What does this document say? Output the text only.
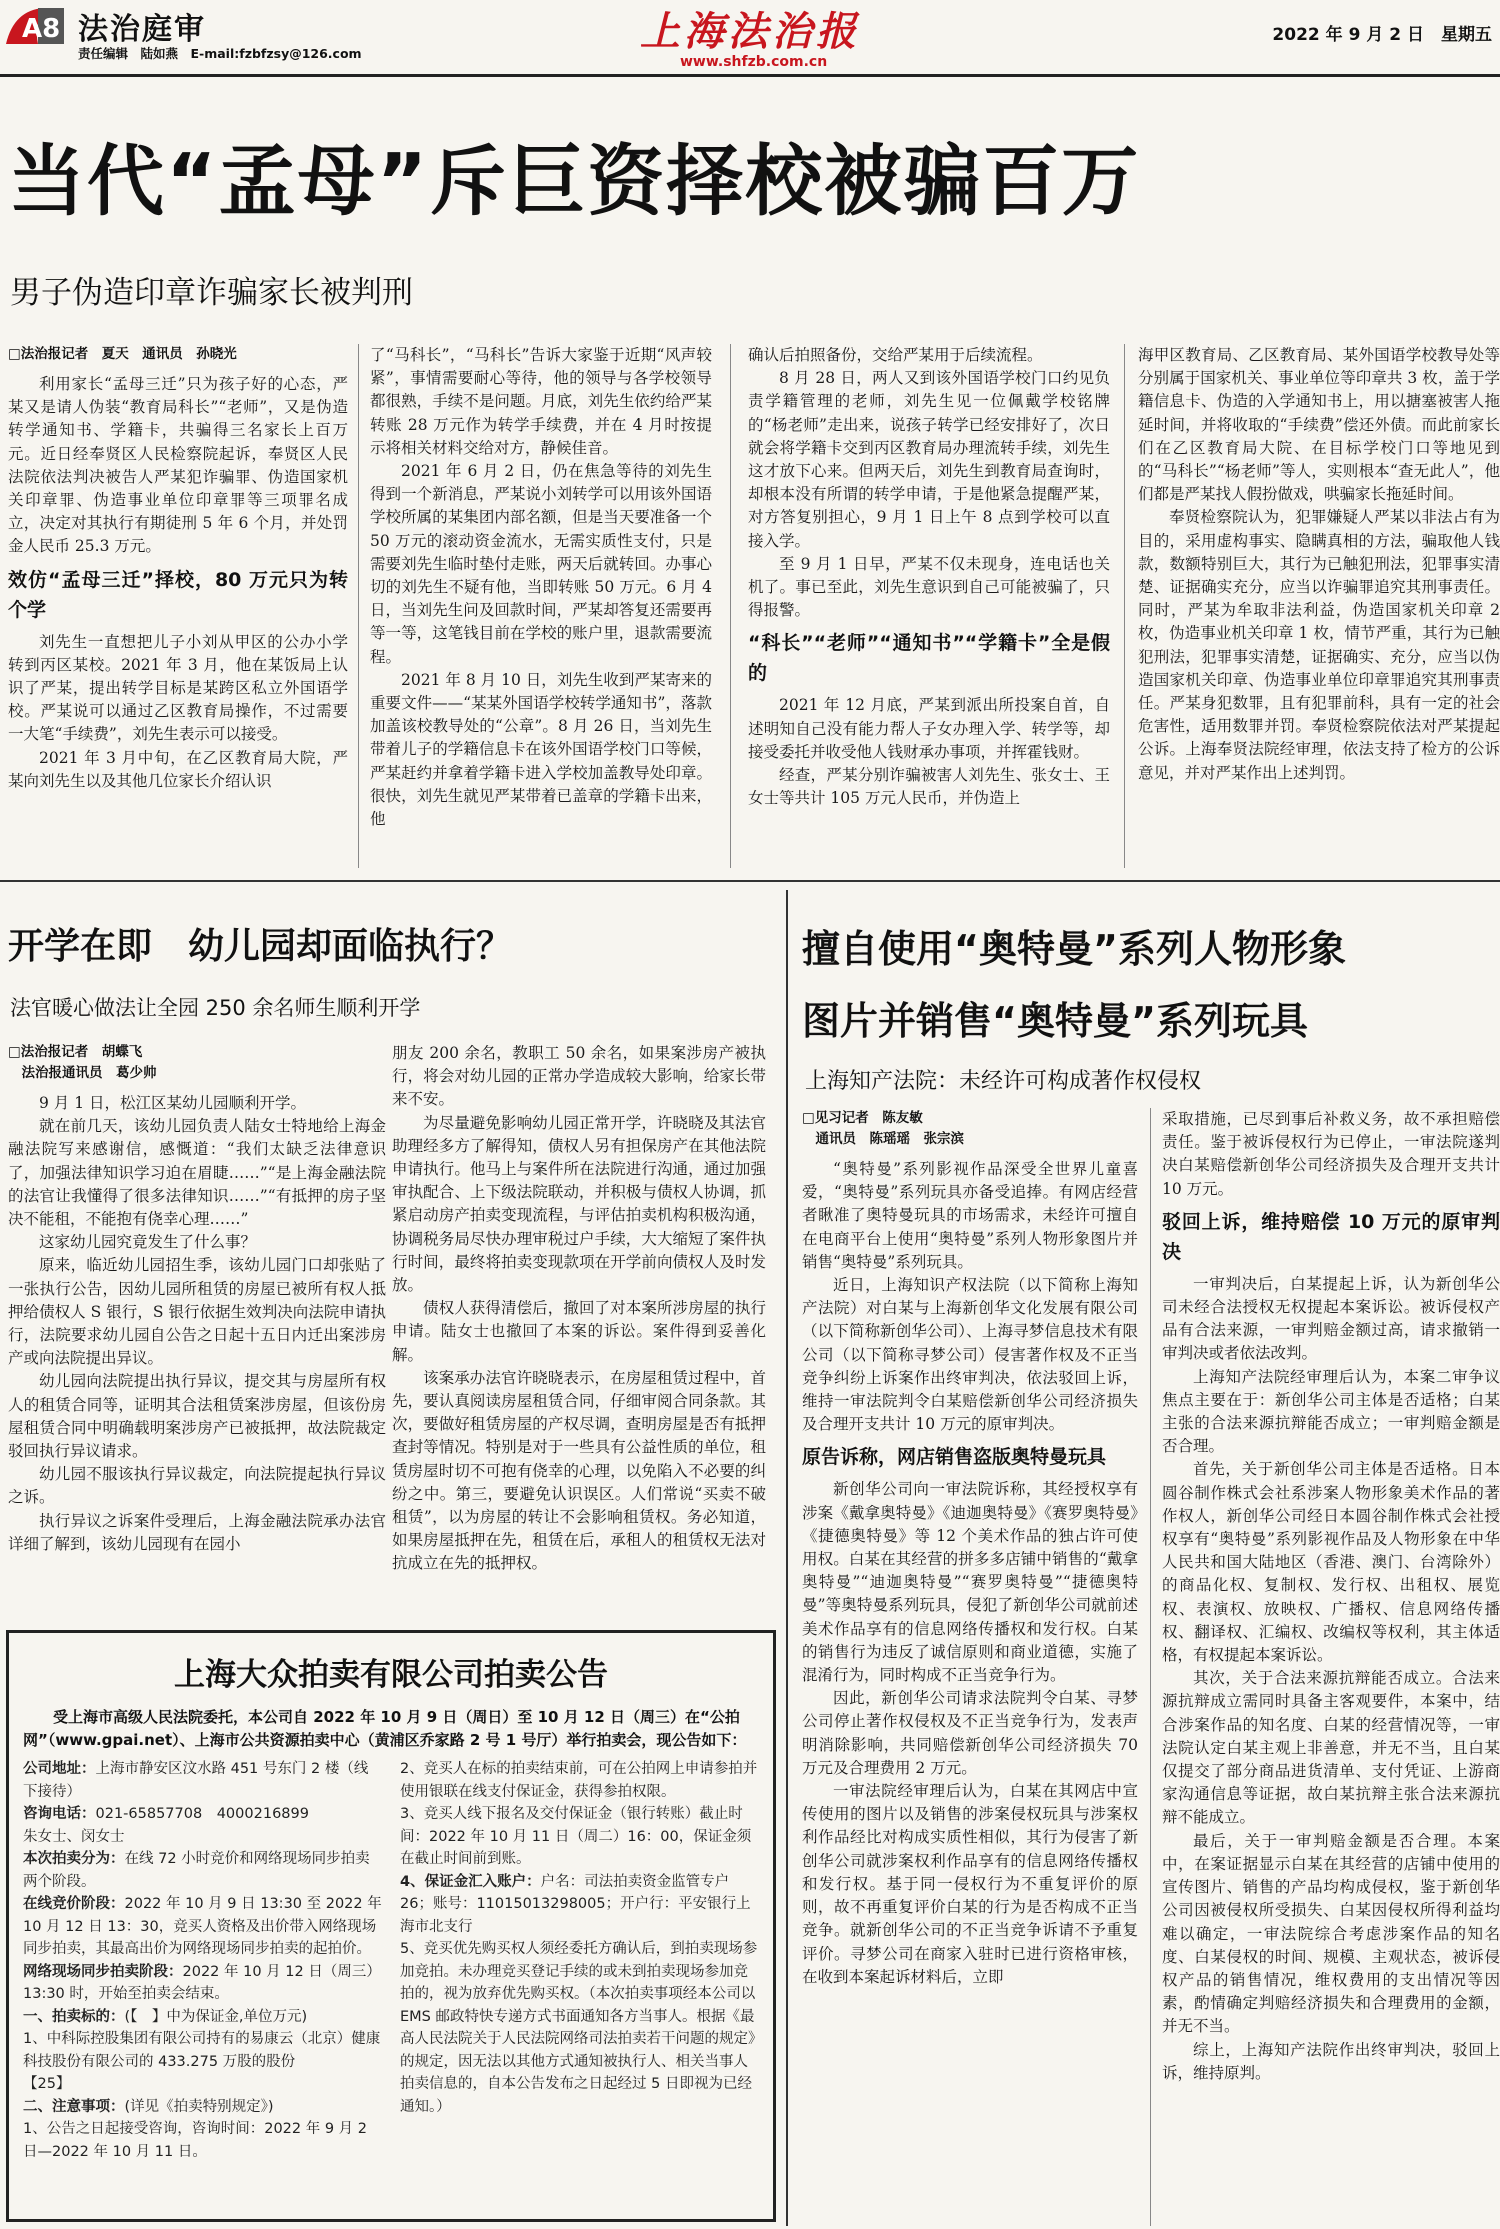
A8 法治庭审
责任编辑　陆如燕　E-mail:fzbfzsy@126.com	上海法治报
www.shfzb.com.cn
2022 年 9 月 2 日　星期五
当代“孟母”斥巨资择校被骗百万
男子伪造印章诈骗家长被判刑
□法治报记者　夏天　通讯员　孙晓光

利用家长“孟母三迁”只为孩子好的心态，严某又是请人伪装“教育局科长”“老师”，又是伪造转学通知书、学籍卡，共骗得三名家长上百万元。近日经奉贤区人民检察院起诉，奉贤区人民法院依法判决被告人严某犯诈骗罪、伪造国家机关印章罪、伪造事业单位印章罪等三项罪名成立，决定对其执行有期徒刑 5 年 6 个月，并处罚金人民币 25.3 万元。

效仿“孟母三迁”择校，80 万元只为转个学

刘先生一直想把儿子小刘从甲区的公办小学转到丙区某校。2021 年 3 月，他在某饭局上认识了严某，提出转学目标是某跨区私立外国语学校。严某说可以通过乙区教育局操作，不过需要一大笔“手续费”，刘先生表示可以接受。

2021 年 3 月中旬，在乙区教育局大院，严某向刘先生以及其他几位家长介绍认识

了“马科长”，“马科长”告诉大家鉴于近期“风声较紧”，事情需要耐心等待，他的领导与各学校领导都很熟，手续不是问题。月底，刘先生依约给严某转账 28 万元作为转学手续费，并在 4 月时按提示将相关材料交给对方，静候佳音。

2021 年 6 月 2 日，仍在焦急等待的刘先生得到一个新消息，严某说小刘转学可以用该外国语学校所属的某集团内部名额，但是当天要准备一个 50 万元的滚动资金流水，无需实质性支付，只是需要刘先生临时垫付走账，两天后就转回。办事心切的刘先生不疑有他，当即转账 50 万元。6 月 4 日，当刘先生问及回款时间，严某却答复还需要再等一等，这笔钱目前在学校的账户里，退款需要流程。

2021 年 8 月 10 日，刘先生收到严某寄来的重要文件——“某某外国语学校转学通知书”，落款加盖该校教导处的“公章”。8 月 26 日，当刘先生带着儿子的学籍信息卡在该外国语学校门口等候，严某赶约并拿着学籍卡进入学校加盖教导处印章。很快，刘先生就见严某带着已盖章的学籍卡出来，他

确认后拍照备份，交给严某用于后续流程。

8 月 28 日，两人又到该外国语学校门口约见负责学籍管理的老师，刘先生见一位佩戴学校铭牌的“杨老师”走出来，说孩子转学已经安排好了，次日就会将学籍卡交到丙区教育局办理流转手续，刘先生这才放下心来。但两天后，刘先生到教育局查询时，却根本没有所谓的转学申请，于是他紧急提醒严某，对方答复别担心，9 月 1 日上午 8 点到学校可以直接入学。

至 9 月 1 日早，严某不仅未现身，连电话也关机了。事已至此，刘先生意识到自己可能被骗了，只得报警。

“科长”“老师”“通知书”“学籍卡”全是假的

2021 年 12 月底，严某到派出所投案自首，自述明知自己没有能力帮人子女办理入学、转学等，却接受委托并收受他人钱财承办事项，并挥霍钱财。

经查，严某分别诈骗被害人刘先生、张女士、王女士等共计 105 万元人民币，并伪造上

海甲区教育局、乙区教育局、某外国语学校教导处等分别属于国家机关、事业单位等印章共 3 枚，盖于学籍信息卡、伪造的入学通知书上，用以搪塞被害人拖延时间，并将收取的“手续费”偿还外债。而此前家长们在乙区教育局大院、在目标学校门口等地见到的“马科长”“杨老师”等人，实则根本“查无此人”，他们都是严某找人假扮做戏，哄骗家长拖延时间。

奉贤检察院认为，犯罪嫌疑人严某以非法占有为目的，采用虚构事实、隐瞒真相的方法，骗取他人钱款，数额特别巨大，其行为已触犯刑法，犯罪事实清楚、证据确实充分，应当以诈骗罪追究其刑事责任。同时，严某为牟取非法利益，伪造国家机关印章 2 枚，伪造事业机关印章 1 枚，情节严重，其行为已触犯刑法，犯罪事实清楚，证据确实、充分，应当以伪造国家机关印章、伪造事业单位印章罪追究其刑事责任。严某身犯数罪，且有犯罪前科，具有一定的社会危害性，适用数罪并罚。奉贤检察院依法对严某提起公诉。上海奉贤法院经审理，依法支持了检方的公诉意见，并对严某作出上述判罚。

开学在即　幼儿园却面临执行？
法官暖心做法让全园 250 余名师生顺利开学
□法治报记者　胡蝶飞
　法治报通讯员　葛少帅

9 月 1 日，松江区某幼儿园顺利开学。

就在前几天，该幼儿园负责人陆女士特地给上海金融法院写来感谢信，感慨道：“我们太缺乏法律意识了，加强法律知识学习迫在眉睫……”“是上海金融法院的法官让我懂得了很多法律知识……”“有抵押的房子坚决不能租，不能抱有侥幸心理……”

这家幼儿园究竟发生了什么事？

原来，临近幼儿园招生季，该幼儿园门口却张贴了一张执行公告，因幼儿园所租赁的房屋已被所有权人抵押给债权人 S 银行，S 银行依据生效判决向法院申请执行，法院要求幼儿园自公告之日起十五日内迁出案涉房产或向法院提出异议。

幼儿园向法院提出执行异议，提交其与房屋所有权人的租赁合同等，证明其合法租赁案涉房屋，但该份房屋租赁合同中明确载明案涉房产已被抵押，故法院裁定驳回执行异议请求。

幼儿园不服该执行异议裁定，向法院提起执行异议之诉。

执行异议之诉案件受理后，上海金融法院承办法官详细了解到，该幼儿园现有在园小

朋友 200 余名，教职工 50 余名，如果案涉房产被执行，将会对幼儿园的正常办学造成较大影响，给家长带来不安。

为尽量避免影响幼儿园正常开学，许晓晓及其法官助理经多方了解得知，债权人另有担保房产在其他法院申请执行。他马上与案件所在法院进行沟通，通过加强审执配合、上下级法院联动，并积极与债权人协调，抓紧启动房产拍卖变现流程，与评估拍卖机构积极沟通，协调税务局尽快办理审税过户手续，大大缩短了案件执行时间，最终将拍卖变现款项在开学前向债权人及时发放。

债权人获得清偿后，撤回了对本案所涉房屋的执行申请。陆女士也撤回了本案的诉讼。案件得到妥善化解。

该案承办法官许晓晓表示，在房屋租赁过程中，首先，要认真阅读房屋租赁合同，仔细审阅合同条款。其次，要做好租赁房屋的产权尽调，查明房屋是否有抵押查封等情况。特别是对于一些具有公益性质的单位，租赁房屋时切不可抱有侥幸的心理，以免陷入不必要的纠纷之中。第三，要避免认识误区。人们常说“买卖不破租赁”，以为房屋的转让不会影响租赁权。务必知道，如果房屋抵押在先，租赁在后，承租人的租赁权无法对抗成立在先的抵押权。

擅自使用“奥特曼”系列人物形象
图片并销售“奥特曼”系列玩具
上海知产法院：未经许可构成著作权侵权
□见习记者　陈友敏
　通讯员　陈瑶瑶　张宗滨

“奥特曼”系列影视作品深受全世界儿童喜爱，“奥特曼”系列玩具亦备受追捧。有网店经营者瞅准了奥特曼玩具的市场需求，未经许可擅自在电商平台上使用“奥特曼”系列人物形象图片并销售“奥特曼”系列玩具。

近日，上海知识产权法院（以下简称上海知产法院）对白某与上海新创华文化发展有限公司（以下简称新创华公司）、上海寻梦信息技术有限公司（以下简称寻梦公司）侵害著作权及不正当竞争纠纷上诉案作出终审判决，依法驳回上诉，维持一审法院判令白某赔偿新创华公司经济损失及合理开支共计 10 万元的原审判决。

原告诉称，网店销售盗版奥特曼玩具

新创华公司向一审法院诉称，其经授权享有涉案《戴拿奥特曼》《迪迦奥特曼》《赛罗奥特曼》《捷德奥特曼》等 12 个美术作品的独占许可使用权。白某在其经营的拼多多店铺中销售的“戴拿奥特曼”“迪迦奥特曼”“赛罗奥特曼”“捷德奥特曼”等奥特曼系列玩具，侵犯了新创华公司就前述美术作品享有的信息网络传播权和发行权。白某的销售行为违反了诚信原则和商业道德，实施了混淆行为，同时构成不正当竞争行为。

因此，新创华公司请求法院判令白某、寻梦公司停止著作权侵权及不正当竞争行为，发表声明消除影响，共同赔偿新创华公司经济损失 70 万元及合理费用 2 万元。

一审法院经审理后认为，白某在其网店中宣传使用的图片以及销售的涉案侵权玩具与涉案权利作品经比对构成实质性相似，其行为侵害了新创华公司就涉案权利作品享有的信息网络传播权和发行权。基于同一侵权行为不重复评价的原则，故不再重复评价白某的行为是否构成不正当竞争。就新创华公司的不正当竞争诉请不予重复评价。寻梦公司在商家入驻时已进行资格审核，在收到本案起诉材料后，立即

采取措施，已尽到事后补救义务，故不承担赔偿责任。鉴于被诉侵权行为已停止，一审法院遂判决白某赔偿新创华公司经济损失及合理开支共计 10 万元。

驳回上诉，维持赔偿 10 万元的原审判决

一审判决后，白某提起上诉，认为新创华公司未经合法授权无权提起本案诉讼。被诉侵权产品有合法来源，一审判赔金额过高，请求撤销一审判决或者依法改判。

上海知产法院经审理后认为，本案二审争议焦点主要在于：新创华公司主体是否适格；白某主张的合法来源抗辩能否成立；一审判赔金额是否合理。

首先，关于新创华公司主体是否适格。日本圆谷制作株式会社系涉案人物形象美术作品的著作权人，新创华公司经日本圆谷制作株式会社授权享有“奥特曼”系列影视作品及人物形象在中华人民共和国大陆地区（香港、澳门、台湾除外）的商品化权、复制权、发行权、出租权、展览权、表演权、放映权、广播权、信息网络传播权、翻译权、汇编权、改编权等权利，其主体适格，有权提起本案诉讼。

其次，关于合法来源抗辩能否成立。合法来源抗辩成立需同时具备主客观要件，本案中，结合涉案作品的知名度、白某的经营情况等，一审法院认定白某主观上非善意，并无不当，且白某仅提交了部分商品进货清单、支付凭证、上游商家沟通信息等证据，故白某抗辩主张合法来源抗辩不能成立。

最后，关于一审判赔金额是否合理。本案中，在案证据显示白某在其经营的店铺中使用的宣传图片、销售的产品均构成侵权，鉴于新创华公司因被侵权所受损失、白某因侵权所得利益均难以确定，一审法院综合考虑涉案作品的知名度、白某侵权的时间、规模、主观状态，被诉侵权产品的销售情况，维权费用的支出情况等因素，酌情确定判赔经济损失和合理费用的金额，并无不当。

综上，上海知产法院作出终审判决，驳回上诉，维持原判。

上海大众拍卖有限公司拍卖公告
受上海市高级人民法院委托，本公司自 2022 年 10 月 9 日（周日）至 10 月 12 日（周三）在“公拍网”（www.gpai.net）、上海市公共资源拍卖中心（黄浦区乔家路 2 号 1 号厅）举行拍卖会，现公告如下：
公司地址：上海市静安区汶水路 451 号东门 2 楼（线下接待）
咨询电话：021-65857708　4000216899
朱女士、闵女士
本次拍卖分为：在线 72 小时竞价和网络现场同步拍卖两个阶段。
在线竞价阶段：2022 年 10 月 9 日 13:30 至 2022 年 10 月 12 日 13：30，竞买人资格及出价带入网络现场同步拍卖，其最高出价为网络现场同步拍卖的起拍价。
网络现场同步拍卖阶段：2022 年 10 月 12 日（周三）13:30 时，开始至拍卖会结束。
一、拍卖标的：(【　】中为保证金,单位万元)
1、中科际控股集团有限公司持有的易康云（北京）健康科技股份有限公司的 433.275 万股的股份　　　　　　　　　【25】
二、注意事项：(详见《拍卖特别规定》)
1、公告之日起接受咨询，咨询时间：2022 年 9 月 2 日—2022 年 10 月 11 日。
2、竞买人在标的拍卖结束前，可在公拍网上申请参拍并使用银联在线支付保证金，获得参拍权限。
3、竞买人线下报名及交付保证金（银行转账）截止时间：2022 年 10 月 11 日（周二）16：00，保证金须在截止时间前到账。
4、保证金汇入账户：户名：司法拍卖资金监管专户 26；账号：11015013298005；开户行：平安银行上海市北支行
5、竞买优先购买权人须经委托方确认后，到拍卖现场参加竞拍。未办理竞买登记手续的或未到拍卖现场参加竞拍的，视为放弃优先购买权。（本次拍卖事项经本公司以 EMS 邮政特快专递方式书面通知各方当事人。根据《最高人民法院关于人民法院网络司法拍卖若干问题的规定》的规定，因无法以其他方式通知被执行人、相关当事人拍卖信息的，自本公告发布之日起经过 5 日即视为已经通知。）
